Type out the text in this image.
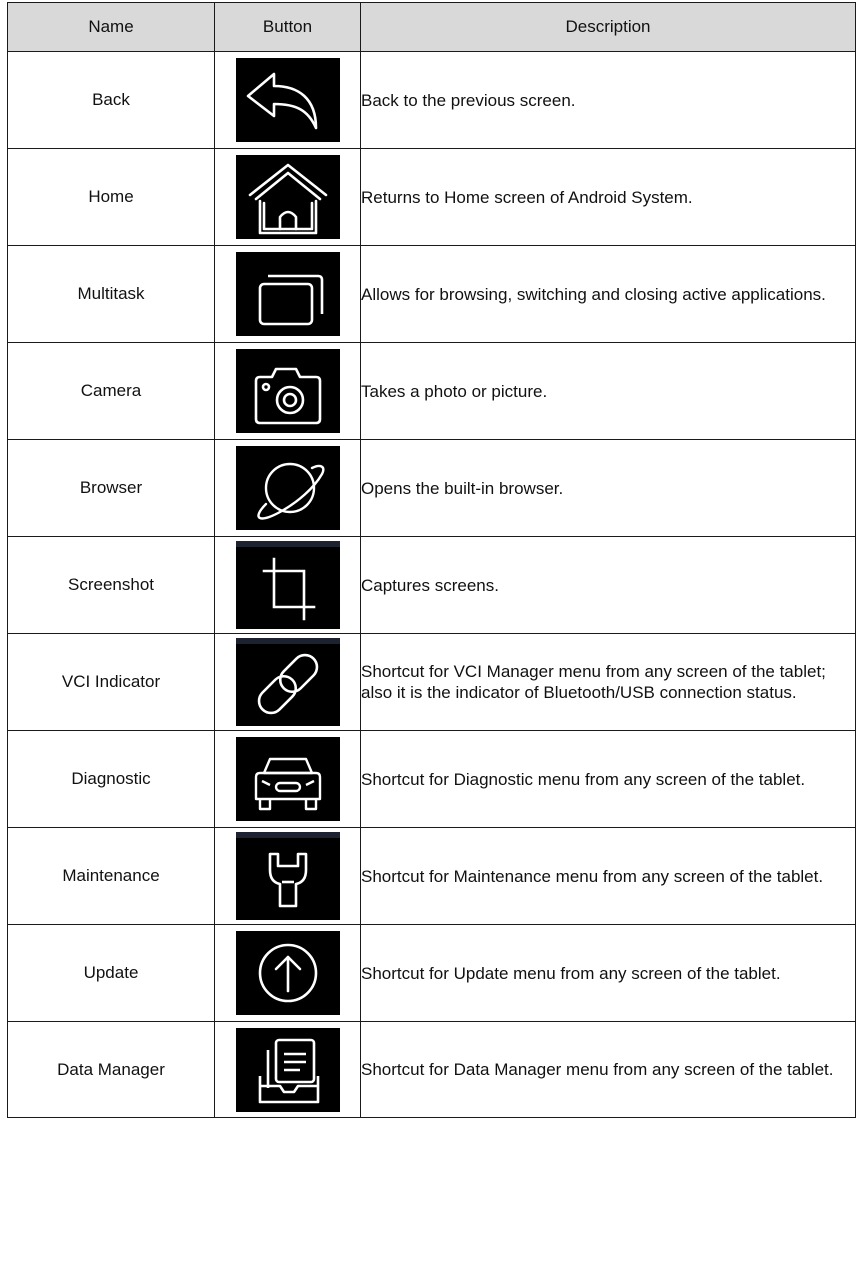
Name	Button	Description
Back		Back to the previous screen.
Home		Returns to Home screen of Android System.
Multitask		Allows for browsing, switching and closing active applications.
Camera		Takes a photo or picture.
Browser		Opens the built-in browser.
Screenshot		Captures screens.
VCI Indicator		Shortcut for VCI Manager menu from any screen of the tablet; also it is the indicator of Bluetooth/USB connection status.
Diagnostic		Shortcut for Diagnostic menu from any screen of the tablet.
Maintenance		Shortcut for Maintenance menu from any screen of the tablet.
Update		Shortcut for Update menu from any screen of the tablet.
Data Manager		Shortcut for Data Manager menu from any screen of the tablet.
